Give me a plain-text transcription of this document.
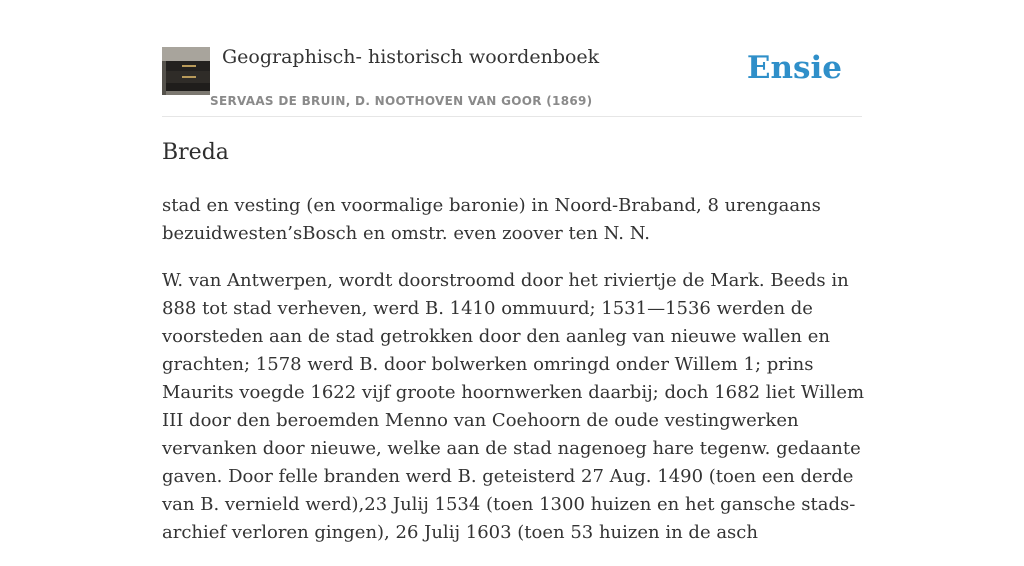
Geographisch- historisch woordenboek
SERVAAS DE BRUIN, D. NOOTHOVEN VAN GOOR (1869)
Ensie
Breda

stad en vesting (en voormalige baronie) in Noord-Braband, 8 urengaans bezuidwesten’sBosch en omstr. even zoover ten N. N.

W. van Antwerpen, wordt doorstroomd door het riviertje de Mark. Beeds in 888 tot stad verheven, werd B. 1410 ommuurd; 1531—1536 werden de voorsteden aan de stad getrokken door den aanleg van nieuwe wallen en grachten; 1578 werd B. door bolwerken omringd onder Willem 1; prins Maurits voegde 1622 vijf groote hoornwerken daarbij; doch 1682 liet Willem III door den beroemden Menno van Coehoorn de oude vestingwerken vervanken door nieuwe, welke aan de stad nagenoeg hare tegenw. gedaante gaven. Door felle branden werd B. geteisterd 27 Aug. 1490 (toen een derde van B. vernield werd),23 Julij 1534 (toen 1300 huizen en het gansche stads-archief verloren gingen), 26 Julij 1603 (toen 53 huizen in de asch
